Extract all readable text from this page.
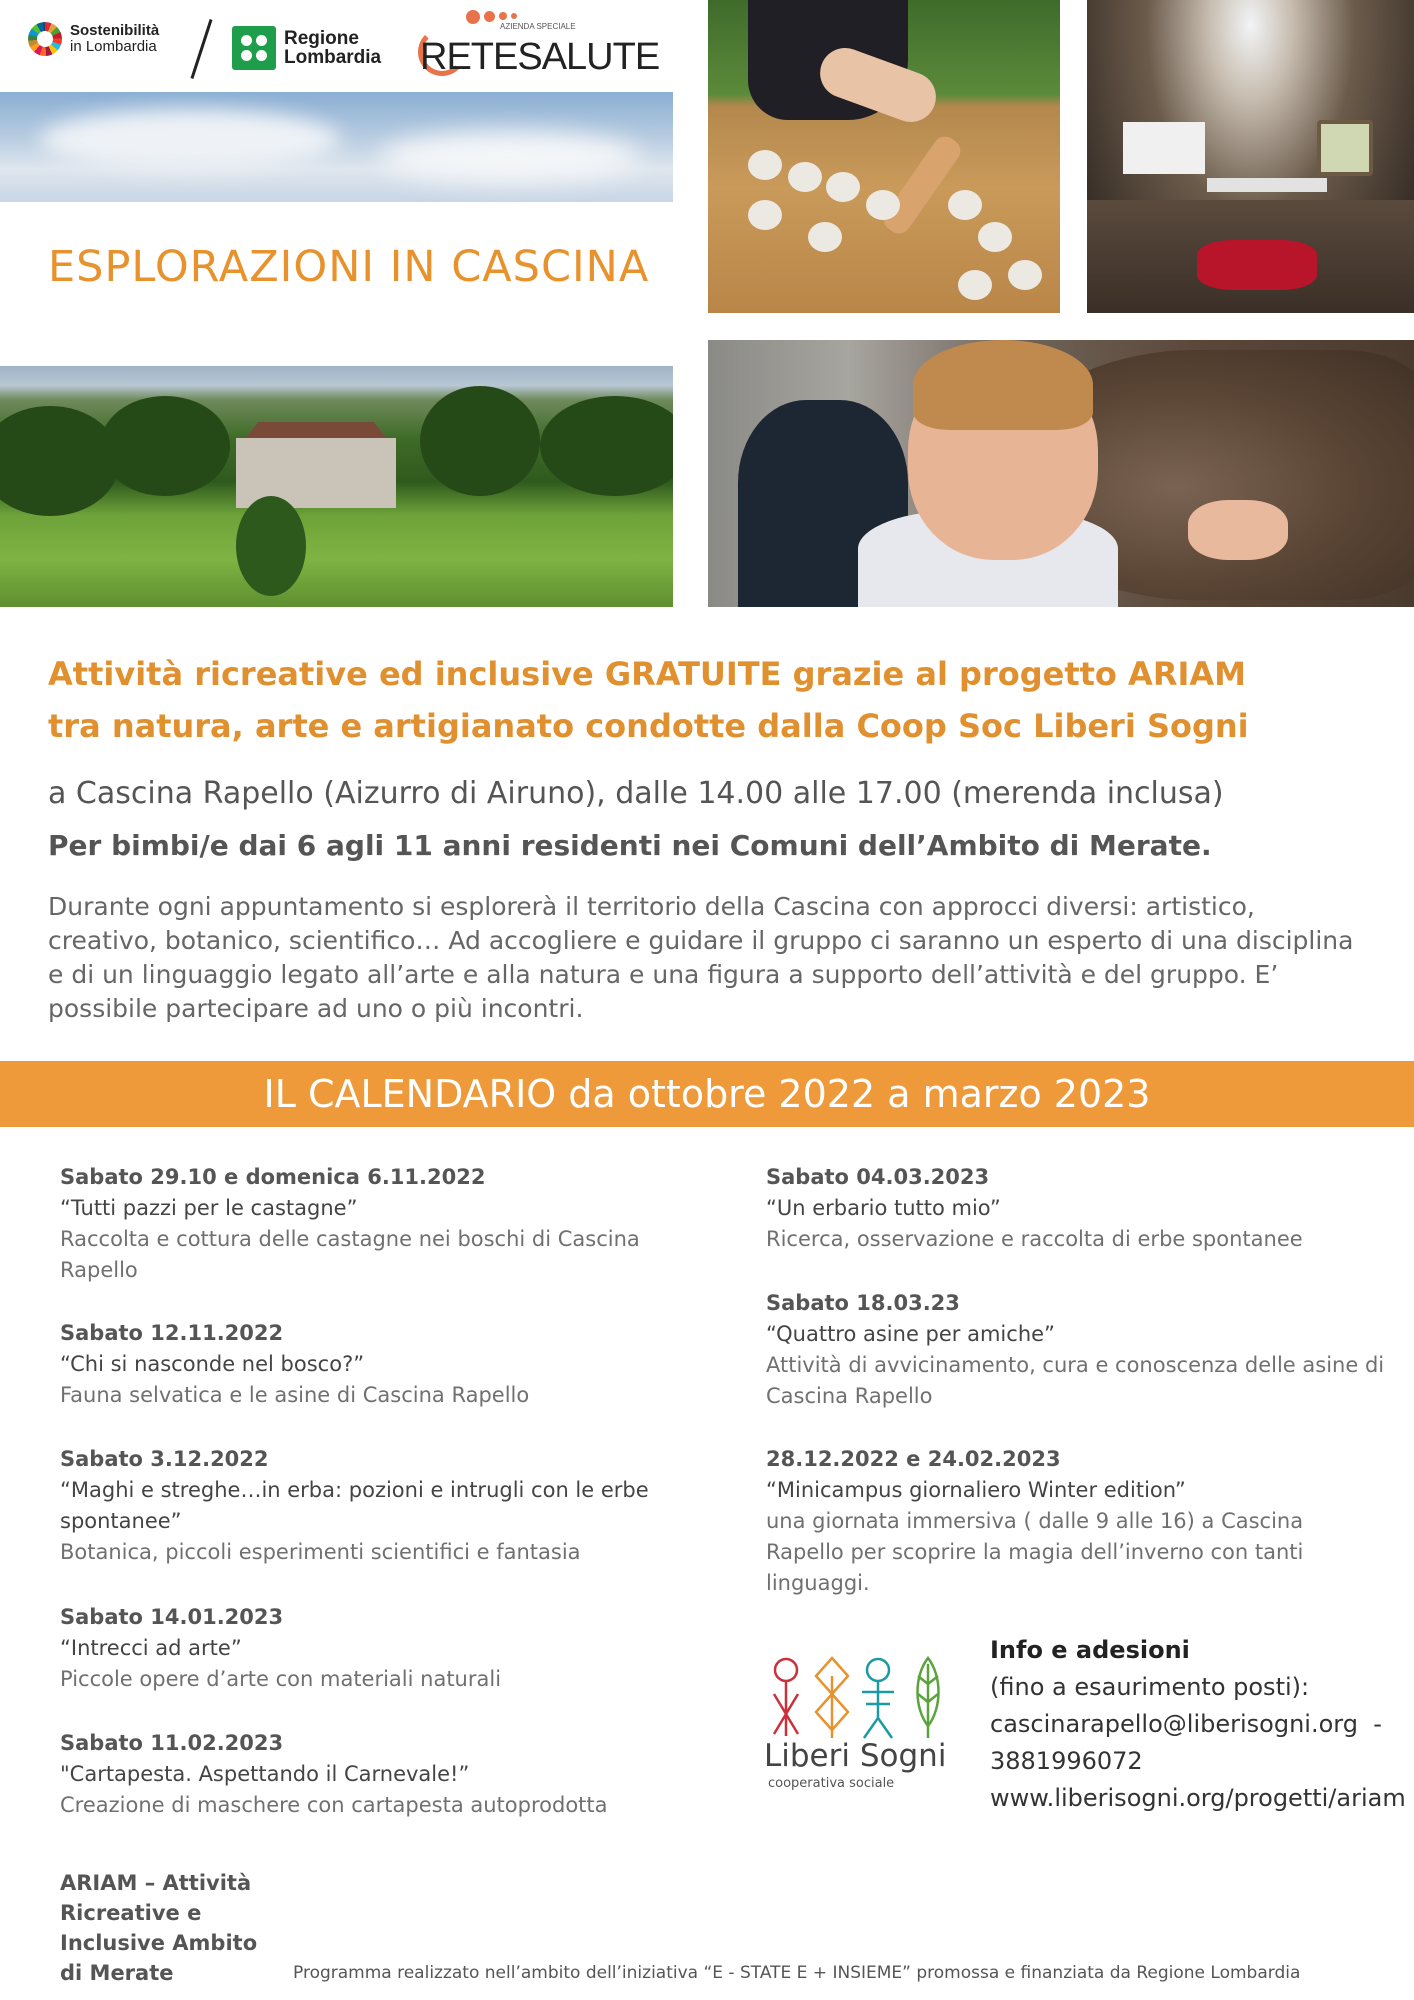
Sostenibilità
in Lombardia	Regione
Lombardia
AZIENDA SPECIALE
RETESALUTE
ESPLORAZIONI IN CASCINA
Attività ricreative ed inclusive GRATUITE grazie al progetto ARIAM
tra natura, arte e artigianato condotte dalla Coop Soc Liberi Sogni
a Cascina Rapello (Aizurro di Airuno), dalle 14.00 alle 17.00 (merenda inclusa)
Per bimbi/e dai 6 agli 11 anni residenti nei Comuni dell’Ambito di Merate.
Durante ogni appuntamento si esplorerà il territorio della Cascina con approcci diversi: artistico, creativo, botanico, scientifico… Ad accogliere e guidare il gruppo ci saranno un esperto di una disciplina e di un linguaggio legato all’arte e alla natura e una figura a supporto dell’attività e del gruppo. E’ possibile partecipare ad uno o più incontri.
IL CALENDARIO da ottobre 2022 a marzo 2023
Sabato 29.10 e domenica 6.11.2022
“Tutti pazzi per le castagne”
Raccolta e cottura delle castagne nei boschi di Cascina Rapello
Sabato 12.11.2022
“Chi si nasconde nel bosco?”
Fauna selvatica e le asine di Cascina Rapello
Sabato 3.12.2022
“Maghi e streghe…in erba: pozioni e intrugli con le erbe spontanee”
Botanica, piccoli esperimenti scientifici e fantasia
Sabato 14.01.2023
“Intrecci ad arte”
Piccole opere d’arte con materiali naturali
Sabato 11.02.2023
"Cartapesta. Aspettando il Carnevale!”
Creazione di maschere con cartapesta autoprodotta
Sabato 04.03.2023
“Un erbario tutto mio”
Ricerca, osservazione e raccolta di erbe spontanee
Sabato 18.03.23
“Quattro asine per amiche”
Attività di avvicinamento, cura e conoscenza delle asine di Cascina Rapello
28.12.2022 e 24.02.2023
“Minicampus giornaliero Winter edition”
una giornata immersiva ( dalle 9 alle 16) a Cascina Rapello per scoprire la magia dell’inverno con tanti linguaggi.
Liberi Sogni
cooperativa sociale
Info e adesioni
(fino a esaurimento posti):
cascinarapello@liberisogni.org -
3881996072
www.liberisogni.org/progetti/ariam
ARIAM – Attività Ricreative e Inclusive Ambito di Merate	Programma realizzato nell’ambito dell’iniziativa “E - STATE E + INSIEME” promossa e finanziata da Regione Lombardia
